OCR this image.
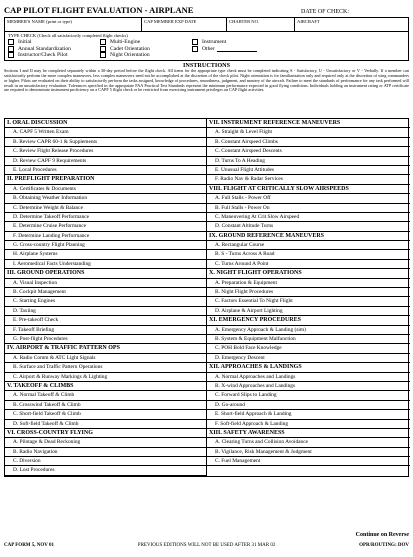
CAP PILOT FLIGHT EVALUATION - AIRPLANE	DATE OF CHECK:
MEMBER'S NAME (print or type)	CAP MEMBER EXP DATE	CHARTER NO.	AIRCRAFT
TYPE CHECK (Check all satisfactorily completed flight checks)
Initial	Multi-Engine	Instrument
Annual Standardization	Cadet Orientation	Other
Instructor/Check Pilot	Night Orientation
INSTRUCTIONS
Sections I and II may be completed separately within a 30-day period before the flight check. All items for the appropriate type check must be completed indicating S - Satisfactory, U - Unsatisfactory or V - Verbally. If a member can satisfactorily perform the more complex maneuvers, less complex maneuvers need not be accomplished at the discretion of the check pilot. Night orientation is for familiarization only and required only at the discretion of wing commanders or higher. Pilots are evaluated on their ability to satisfactorily perform the tasks assigned, knowledge of procedures, smoothness, judgment, and mastery of the aircraft. Failure to meet the standards of performance for any task performed will result in an unsatisfactory evaluation. Tolerances specified in the appropriate FAA Practical Test Standards represent the minimum performance expected in good flying conditions. Individuals holding an instrument rating or ATP certificate are required to demonstrate instrument proficiency on a CAPF 5 flight check or be restricted from exercising instrument privileges on CAP flight activities.
I. ORAL DISCUSSION
A. CAPF 5 Written Exam
B. Review CAPR 60-1 & Supplements
C. Review Flight Release Procedures
D. Review CAPF 9 Requirements
E. Local Procedures
II. PREFLIGHT PREPARATION
A. Certificates & Documents
B. Obtaining Weather Information
C. Determine Weight & Balance
D. Determine Takeoff Performance
E. Determine Cruise Performance
F. Determine Landing Performance
G. Cross-country Flight Planning
H. Airplane Systems
I. Aeromedical Facts Understanding
III. GROUND OPERATIONS
A. Visual Inspection
B. Cockpit Management
C. Starting Engines
D. Taxiing
E. Pre-takeoff Check
F. Takeoff Briefing
G. Post-flight Procedures
IV. AIRPORT & TRAFFIC PATTERN OPS
A. Radio Comm & ATC Light Signals
B. Surface and Traffic Pattern Operations
C. Airport & Runway Markings & Lighting
V. TAKEOFF & CLIMBS
A. Normal Takeoff & Climb
B. Crosswind Takeoff & Climb
C. Short-field Takeoff & Climb
D. Soft-field Takeoff & Climb
VI. CROSS-COUNTRY FLYING
A. Pilotage & Dead Reckoning
B. Radio Navigation
C. Diversion
D. Lost Procedures
VII. INSTRUMENT REFERENCE MANEUVERS
A. Straight & Level Flight
B. Constant Airspeed Climbs
C. Constant Airspeed Descents
D. Turns To A Heading
E. Unusual Flight Attitudes
F. Radio Nav & Radar Services
VIII. FLIGHT AT CRITICALLY SLOW AIRSPEEDS
A. Full Stalls - Power Off
B. Full Stalls - Power On
C. Maneuvering At Crit Slow Airspeed
D. Constant Altitude Turns
IX. GROUND REFERENCE MANEUVERS
A. Rectangular Course
B. S - Turns Across A Road
C. Turns Around A Point
X. NIGHT FLIGHT OPERATIONS
A. Preparation & Equipment
B. Night Flight Procedures
C. Factors Essential To Night Flight
D. Airplane & Airport Lighting
XI. EMERGENCY PROCEDURES
A. Emergency Approach & Landing (sim)
B. System & Equipment Malfunction
C. POH Bold Face Knowledge
D. Emergency Descent
XII. APPROACHES & LANDINGS
A. Normal Approaches and Landings
B. X-wind Approaches and Landings
C. Forward Slips to Landing
D. Go-around
E. Short-field Approach & Landing
F. Soft-field Approach & Landing
XIII. SAFETY AWARENESS
A. Clearing Turns and Collision Avoidance
B. Vigilance, Risk Management & Judgment
C. Fuel Management
Continue on Reverse
CAP FORM 5, NOV 01	PREVIOUS EDITIONS WILL NOT BE USED AFTER 31 MAR 02	OPR/ROUTING: DOV
